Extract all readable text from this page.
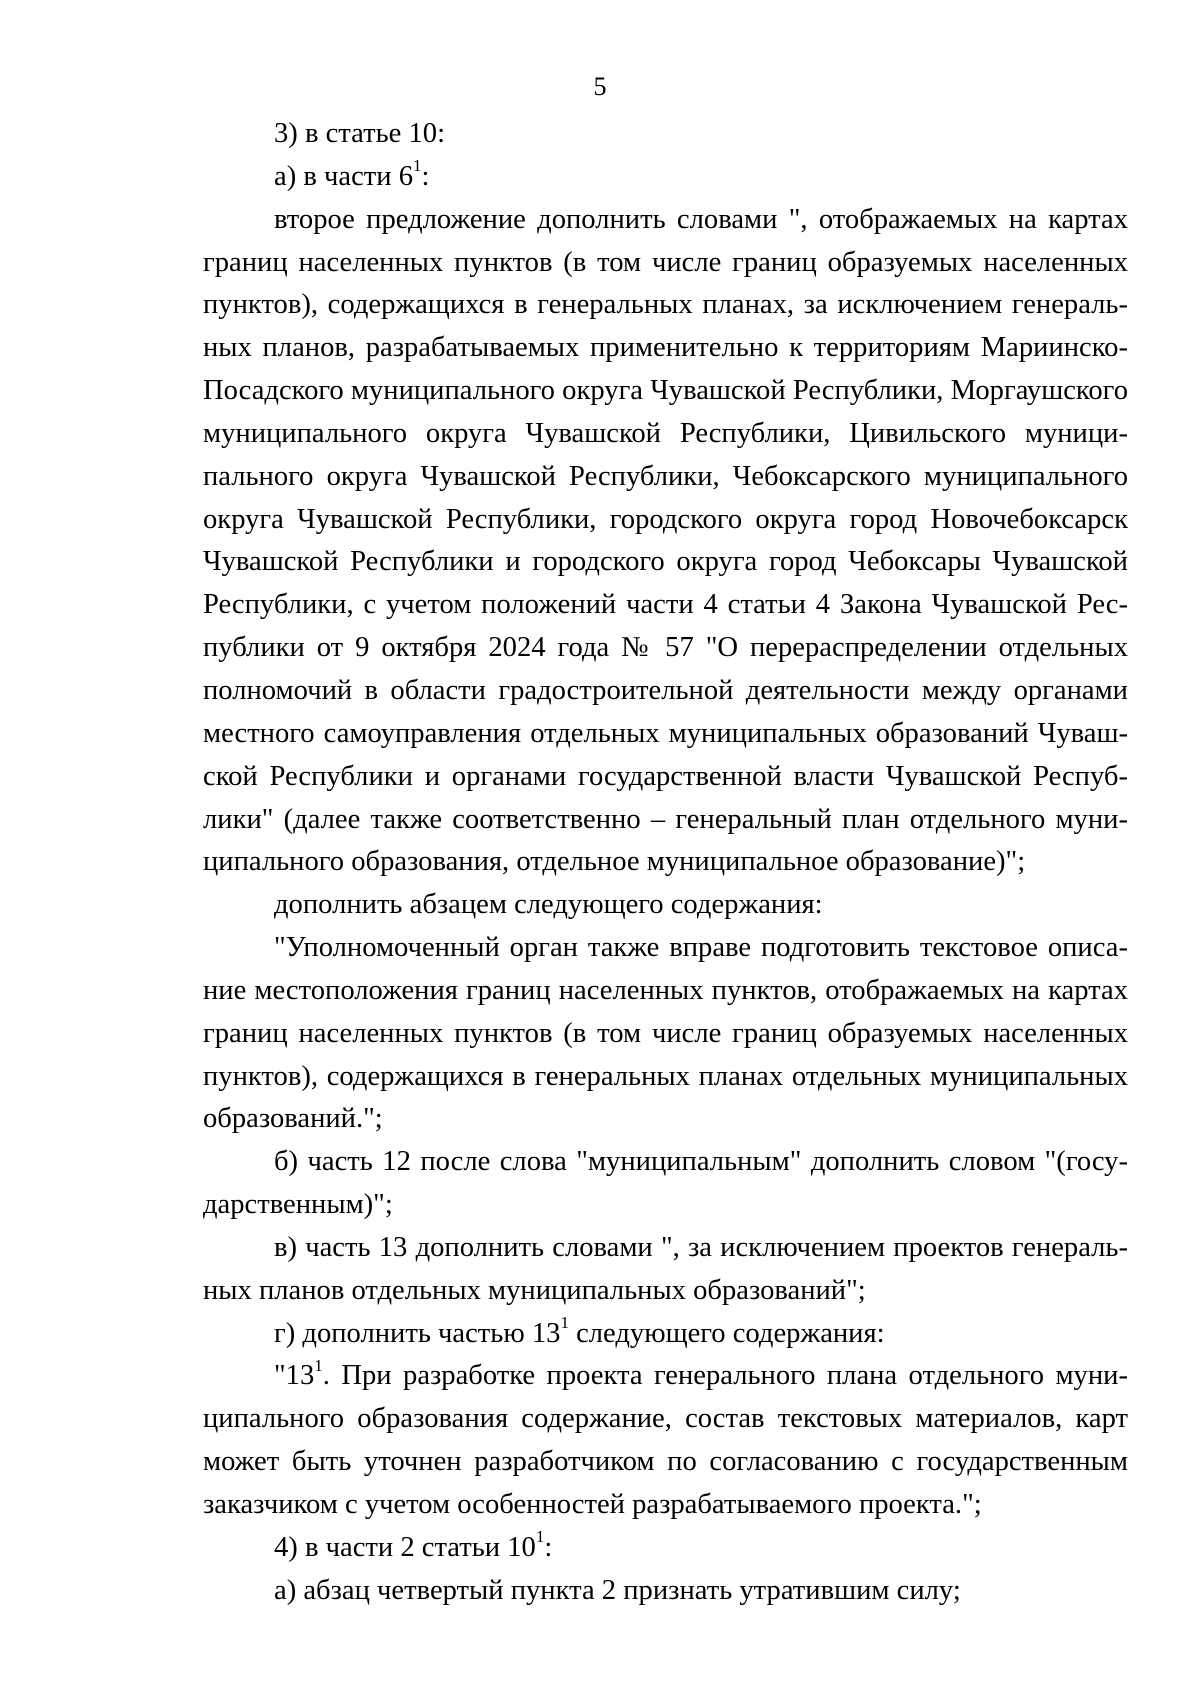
5

3) в статье 10:

а) в части $6^1$:

второе предложение дополнить словами ", отображаемых на картах границ населенных пунктов (в том числе границ образуемых населенных пунктов), содержащихся в генеральных планах, за исключением генеральных планов, разрабатываемых применительно к территориям Мариинско-Посадского муниципального округа Чувашской Республики, Моргаушского муниципального округа Чувашской Республики, Цивильского муниципального округа Чувашской Республики, Чебоксарского муниципального округа Чувашской Республики, городского округа город Новочебоксарск Чувашской Республики и городского округа город Чебоксары Чувашской Республики, с учетом положений части 4 статьи 4 Закона Чувашской Республики от 9 октября 2024 года № 57 "О перераспределении отдельных полномочий в области градостроительной деятельности между органами местного самоуправления отдельных муниципальных образований Чувашской Республики и органами государственной власти Чувашской Республики" (далее также соответственно – генеральный план отдельного муниципального образования, отдельное муниципальное образование)";

дополнить абзацем следующего содержания:

"Уполномоченный орган также вправе подготовить текстовое описание местоположения границ населенных пунктов, отображаемых на картах границ населенных пунктов (в том числе границ образуемых населенных пунктов), содержащихся в генеральных планах отдельных муниципальных образований.";

б) часть 12 после слова "муниципальным" дополнить словом "(государственным)";

в) часть 13 дополнить словами ", за исключением проектов генеральных планов отдельных муниципальных образований";

г) дополнить частью $13^1$ следующего содержания:

"$13^1$. При разработке проекта генерального плана отдельного муниципального образования содержание, состав текстовых материалов, карт может быть уточнен разработчиком по согласованию с государственным заказчиком с учетом особенностей разрабатываемого проекта.";

4) в части 2 статьи $10^1$:

а) абзац четвертый пункта 2 признать утратившим силу;
